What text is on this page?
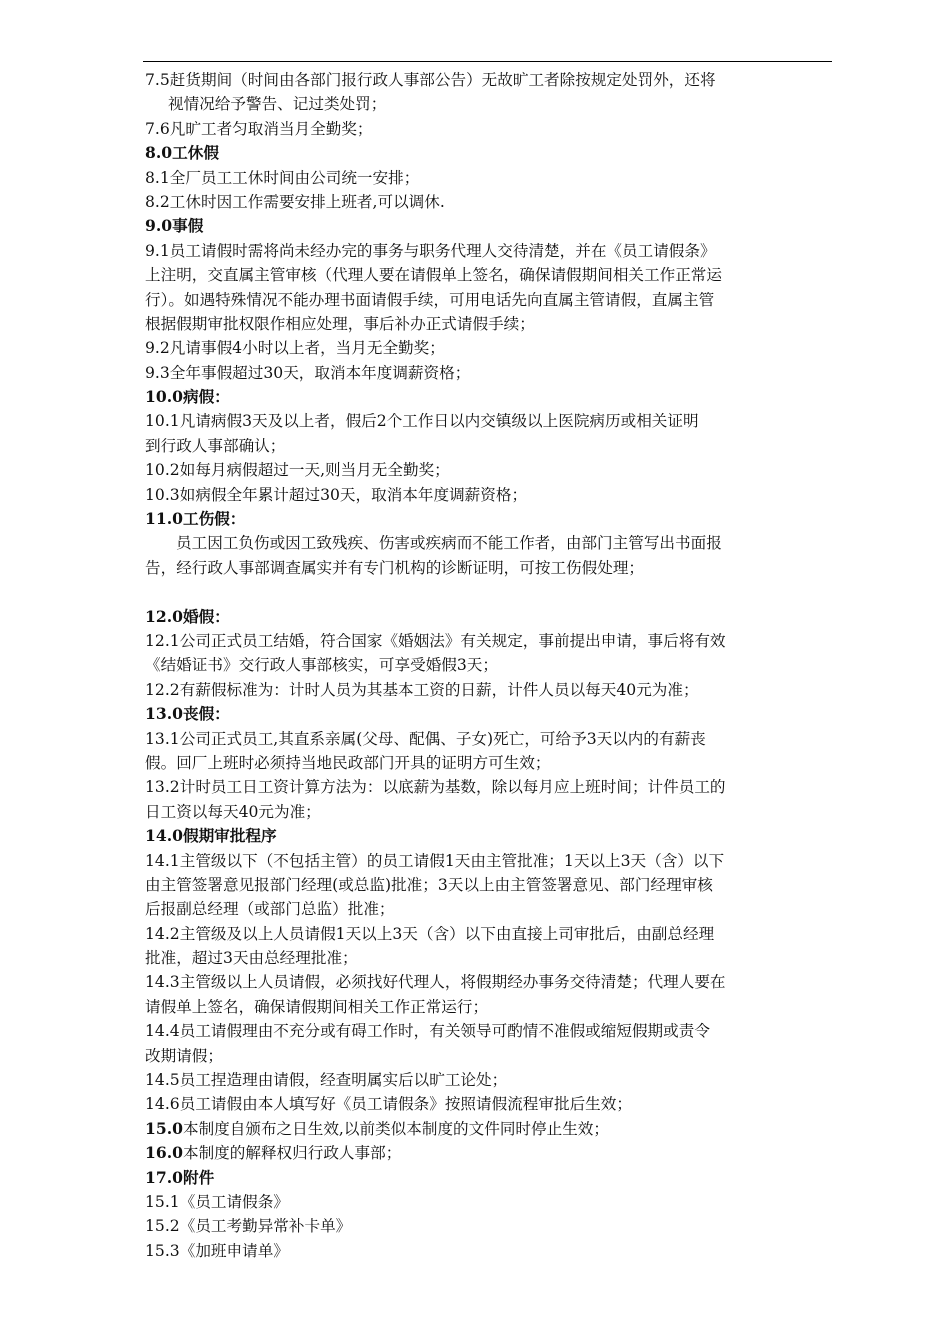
7.5赶货期间（时间由各部门报行政人事部公告）无故旷工者除按规定处罚外，还将
视情况给予警告、记过类处罚；
7.6凡旷工者匀取消当月全勤奖；
8.0工休假
8.1全厂员工工休时间由公司统一安排；
8.2工休时因工作需要安排上班者,可以调休.
9.0事假
9.1员工请假时需将尚未经办完的事务与职务代理人交待清楚，并在《员工请假条》
上注明，交直属主管审核（代理人要在请假单上签名，确保请假期间相关工作正常运
行）。如遇特殊情况不能办理书面请假手续，可用电话先向直属主管请假，直属主管
根据假期审批权限作相应处理，事后补办正式请假手续；
9.2凡请事假4小时以上者，当月无全勤奖；
9.3全年事假超过30天，取消本年度调薪资格；
10.0病假：
10.1凡请病假3天及以上者，假后2个工作日以内交镇级以上医院病历或相关证明
到行政人事部确认；
10.2如每月病假超过一天,则当月无全勤奖；
10.3如病假全年累计超过30天，取消本年度调薪资格；
11.0工伤假：
员工因工负伤或因工致残疾、伤害或疾病而不能工作者，由部门主管写出书面报
告，经行政人事部调查属实并有专门机构的诊断证明，可按工伤假处理；
12.0婚假：
12.1公司正式员工结婚，符合国家《婚姻法》有关规定，事前提出申请，事后将有效
《结婚证书》交行政人事部核实，可享受婚假3天；
12.2有薪假标准为：计时人员为其基本工资的日薪，计件人员以每天40元为准；
13.0丧假：
13.1公司正式员工,其直系亲属(父母、配偶、子女)死亡，可给予3天以内的有薪丧
假。回厂上班时必须持当地民政部门开具的证明方可生效；
13.2计时员工日工资计算方法为：以底薪为基数，除以每月应上班时间；计件员工的
日工资以每天40元为准；
14.0假期审批程序
14.1主管级以下（不包括主管）的员工请假1天由主管批准；1天以上3天（含）以下
由主管签署意见报部门经理(或总监)批准；3天以上由主管签署意见、部门经理审核
后报副总经理（或部门总监）批准；
14.2主管级及以上人员请假1天以上3天（含）以下由直接上司审批后，由副总经理
批准，超过3天由总经理批准；
14.3主管级以上人员请假，必须找好代理人，将假期经办事务交待清楚；代理人要在
请假单上签名，确保请假期间相关工作正常运行；
14.4员工请假理由不充分或有碍工作时，有关领导可酌情不准假或缩短假期或责令
改期请假；
14.5员工捏造理由请假，经查明属实后以旷工论处；
14.6员工请假由本人填写好《员工请假条》按照请假流程审批后生效；
15.0本制度自颁布之日生效,以前类似本制度的文件同时停止生效；
16.0本制度的解释权归行政人事部；
17.0附件
15.1《员工请假条》
15.2《员工考勤异常补卡单》
15.3《加班申请单》
